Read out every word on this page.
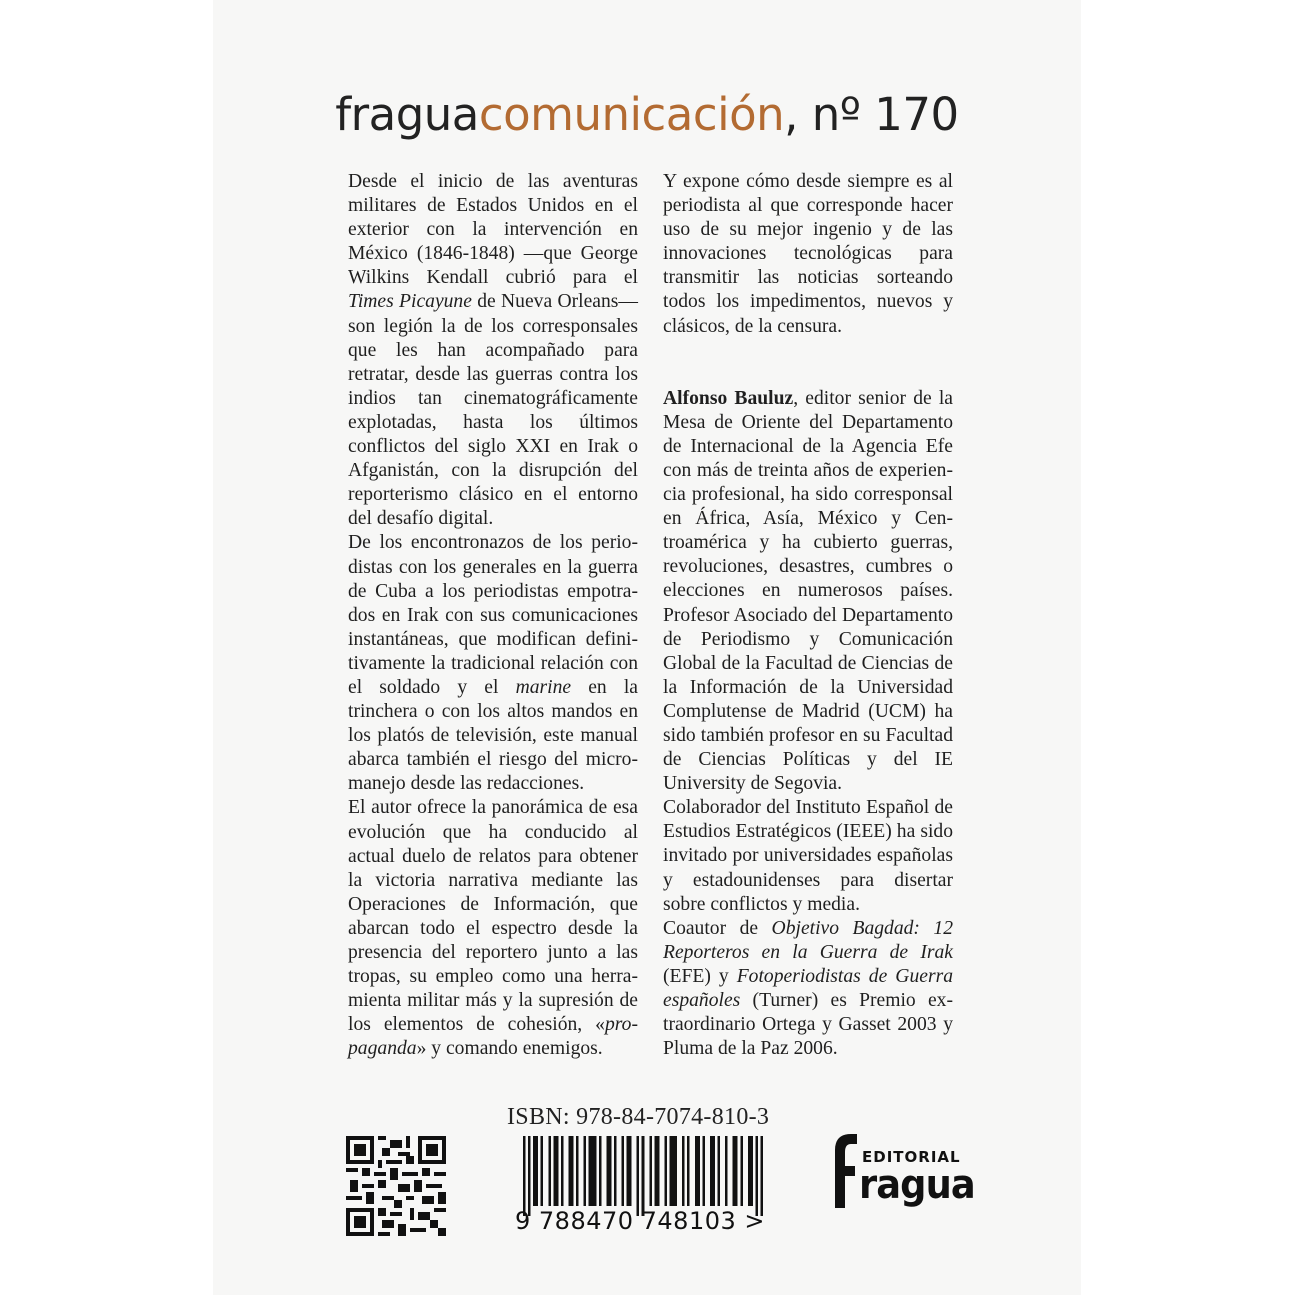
fraguacomunicación, nº 170

Desde el inicio de las aventuras militares de Estados Unidos en el exterior con la intervención en México (1846-1848) —que George Wilkins Kendall cubrió para el Times Picayune de Nueva Orleans— son legión la de los corresponsales que les han acompañado para retratar, desde las guerras contra los indios tan cinematográficamente explotadas, hasta los últimos conflictos del siglo XXI en Irak o Afganistán, con la disrupción del reporterismo clásico en el entorno del desafío digital.

De los encontronazos de los periodistas con los generales en la guerra de Cuba a los periodistas empotrados en Irak con sus comunicaciones instantáneas, que modifican definitivamente la tradicional relación con el soldado y el marine en la trinchera o con los altos mandos en los platós de televisión, este manual abarca también el riesgo del micromanejo desde las redacciones.

El autor ofrece la panorámica de esa evolución que ha conducido al actual duelo de relatos para obtener la victoria narrativa mediante las Operaciones de Información, que abarcan todo el espectro desde la presencia del reportero junto a las tropas, su empleo como una herramienta militar más y la supresión de los elementos de cohesión, «propaganda» y comando enemigos.

Y expone cómo desde siempre es al periodista al que corresponde hacer uso de su mejor ingenio y de las innovaciones tecnológicas para transmitir las noticias sorteando todos los impedimentos, nuevos y clásicos, de la censura.

Alfonso Bauluz, editor senior de la Mesa de Oriente del Departamento de Internacional de la Agencia Efe con más de treinta años de experiencia profesional, ha sido corresponsal en África, Asía, México y Centroamérica y ha cubierto guerras, revoluciones, desastres, cumbres o elecciones en numerosos países. Profesor Asociado del Departamento de Periodismo y Comunicación Global de la Facultad de Ciencias de la Información de la Universidad Complutense de Madrid (UCM) ha sido también profesor en su Facultad de Ciencias Políticas y del IE University de Segovia.

Colaborador del Instituto Español de Estudios Estratégicos (IEEE) ha sido invitado por universidades españolas y estadounidenses para disertar sobre conflictos y media.

Coautor de Objetivo Bagdad: 12 Reporteros en la Guerra de Irak (EFE) y Fotoperiodistas de Guerra españoles (Turner) es Premio extraordinario Ortega y Gasset 2003 y Pluma de la Paz 2006.

ISBN: 978-84-7074-810-3
9 788470 748103 >
EDITORIAL
ragua
